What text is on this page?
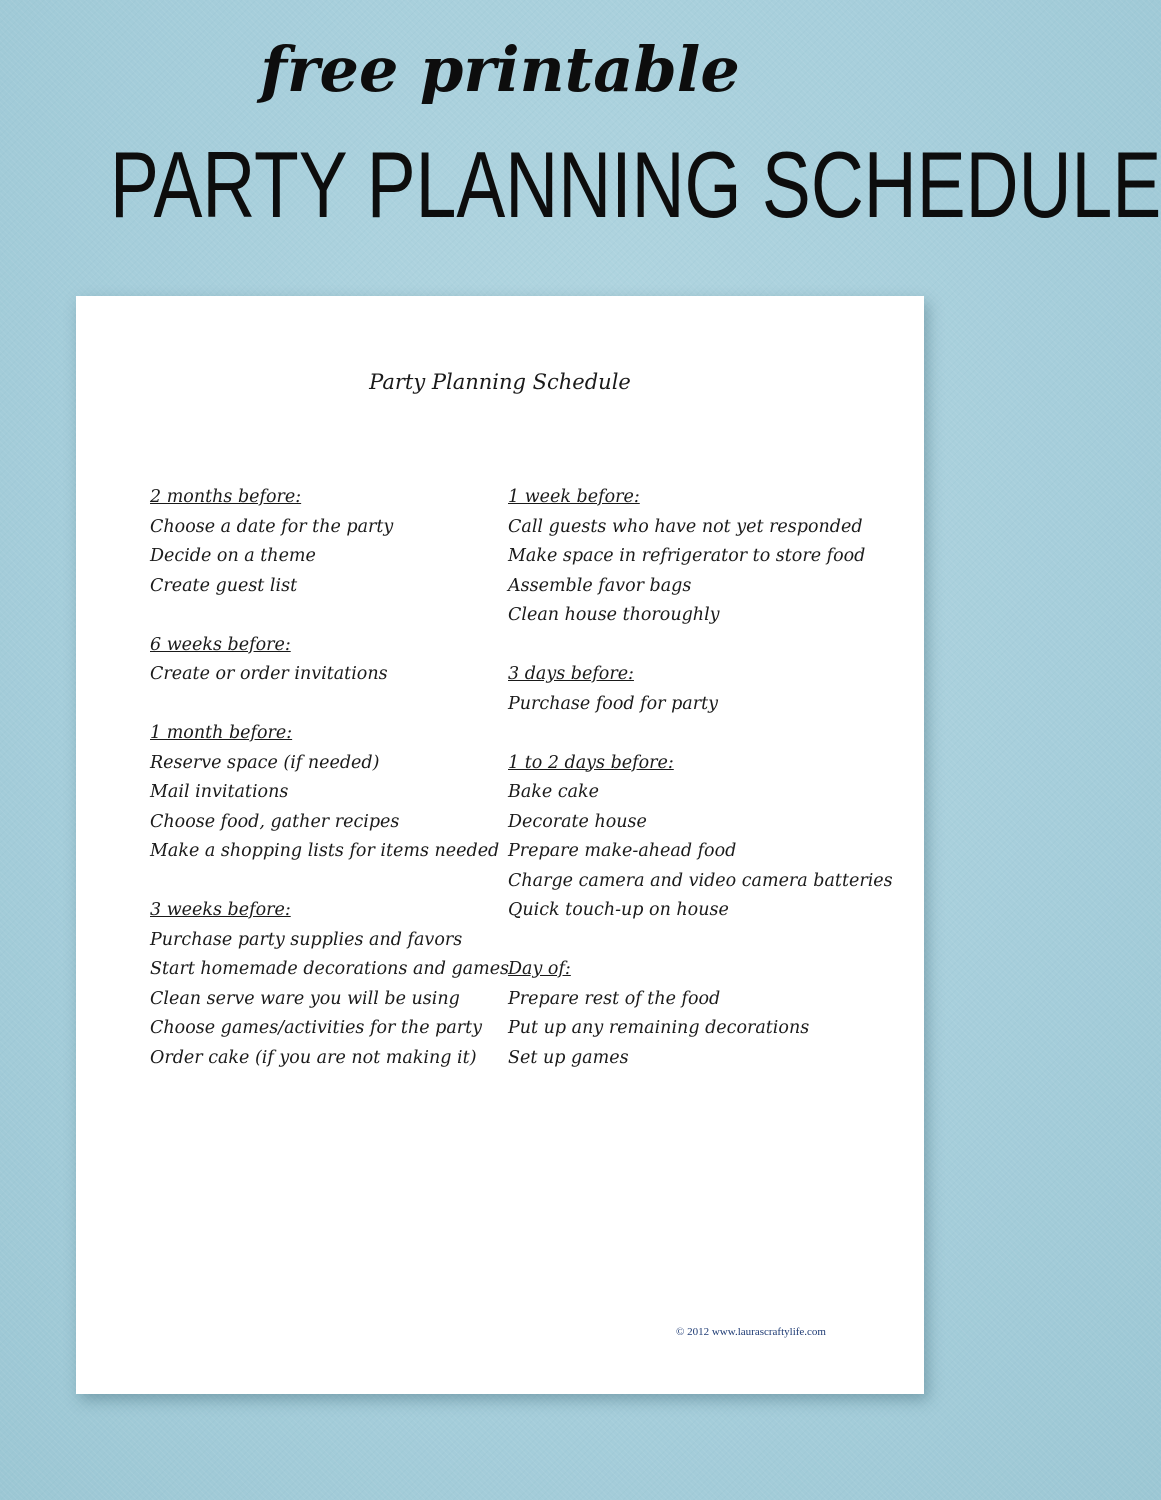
free printable
PARTY PLANNING SCHEDULE
Party Planning Schedule
2 months before:
Choose a date for the party
Decide on a theme
Create guest list
6 weeks before:
Create or order invitations
1 month before:
Reserve space (if needed)
Mail invitations
Choose food, gather recipes
Make a shopping lists for items needed
3 weeks before:
Purchase party supplies and favors
Start homemade decorations and games
Clean serve ware you will be using
Choose games/activities for the party
Order cake (if you are not making it)
1 week before:
Call guests who have not yet responded
Make space in refrigerator to store food
Assemble favor bags
Clean house thoroughly
3 days before:
Purchase food for party
1 to 2 days before:
Bake cake
Decorate house
Prepare make-ahead food
Charge camera and video camera batteries
Quick touch-up on house
Day of:
Prepare rest of the food
Put up any remaining decorations
Set up games
© 2012 www.laurascraftylife.com
